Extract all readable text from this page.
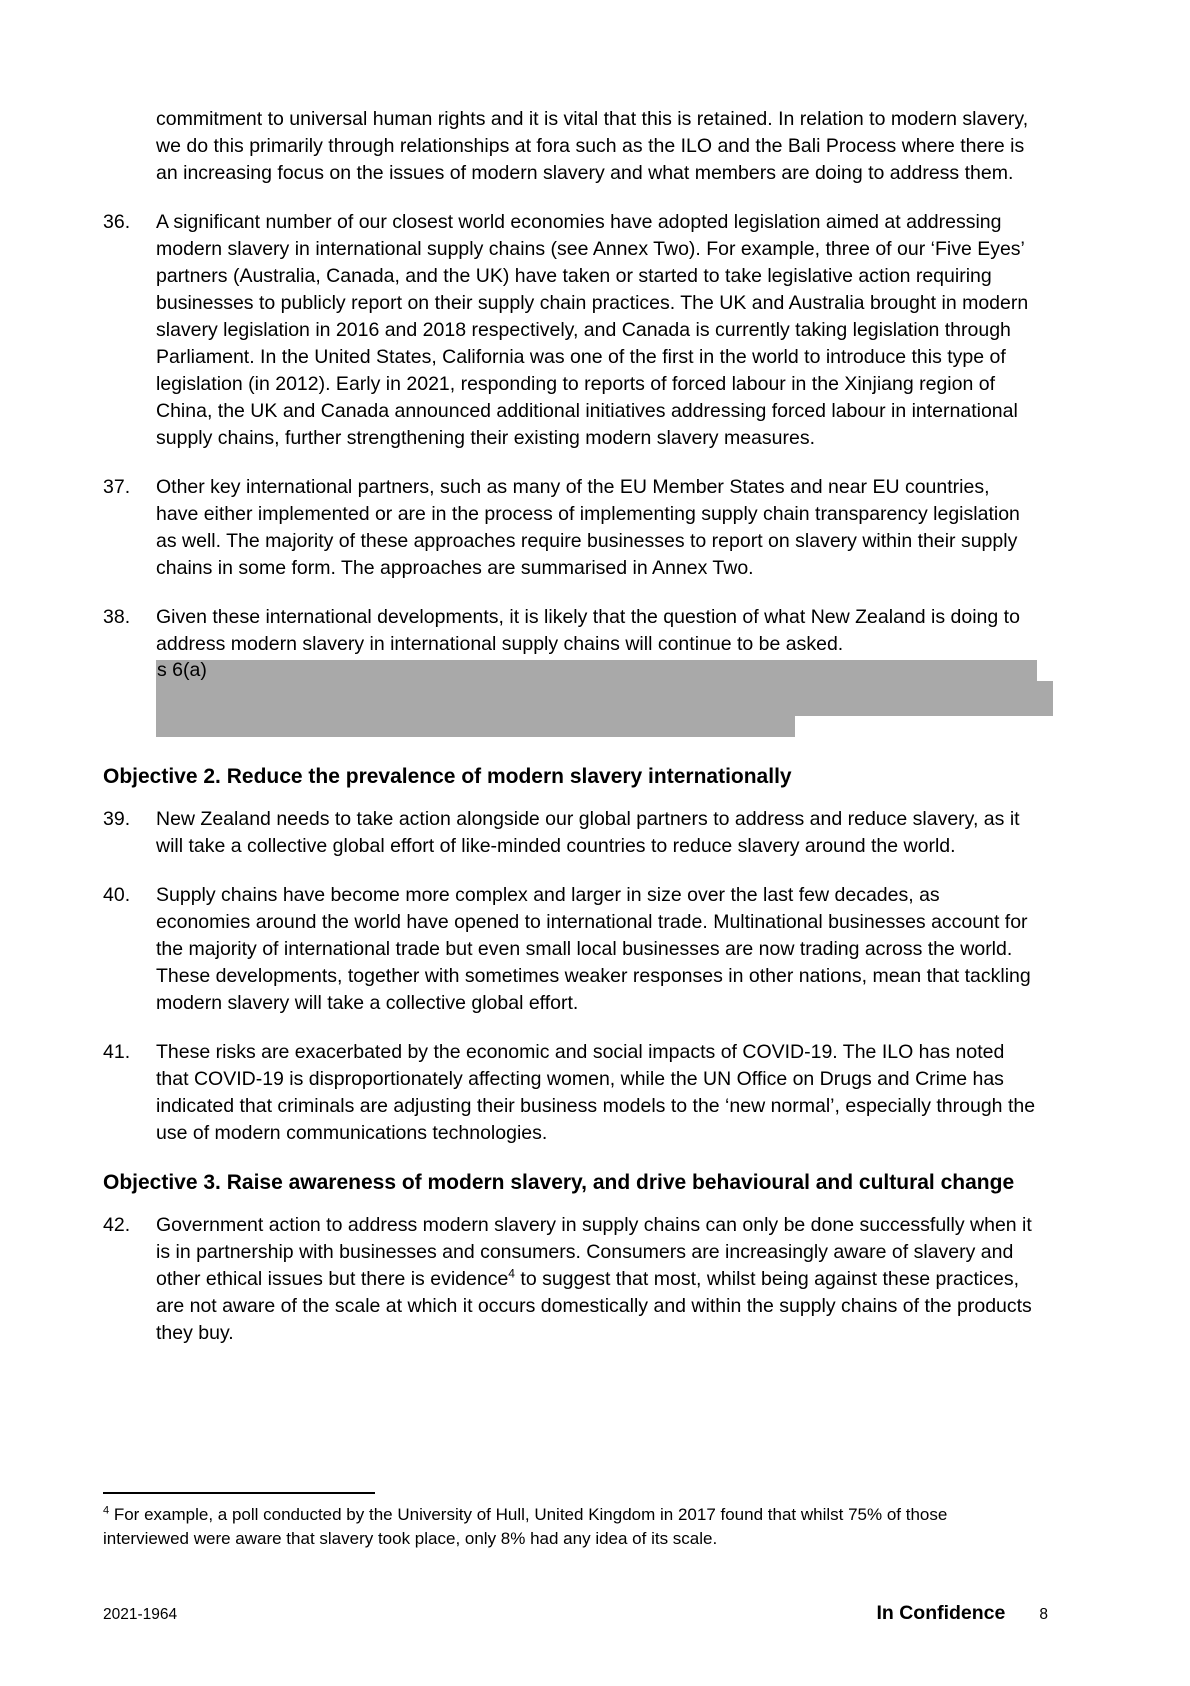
commitment to universal human rights and it is vital that this is retained. In relation to modern slavery, we do this primarily through relationships at fora such as the ILO and the Bali Process where there is an increasing focus on the issues of modern slavery and what members are doing to address them.

36.	A significant number of our closest world economies have adopted legislation aimed at addressing modern slavery in international supply chains (see Annex Two). For example, three of our ‘Five Eyes’ partners (Australia, Canada, and the UK) have taken or started to take legislative action requiring businesses to publicly report on their supply chain practices. The UK and Australia brought in modern slavery legislation in 2016 and 2018 respectively, and Canada is currently taking legislation through Parliament. In the United States, California was one of the first in the world to introduce this type of legislation (in 2012). Early in 2021, responding to reports of forced labour in the Xinjiang region of China, the UK and Canada announced additional initiatives addressing forced labour in international supply chains, further strengthening their existing modern slavery measures.
37.	Other key international partners, such as many of the EU Member States and near EU countries, have either implemented or are in the process of implementing supply chain transparency legislation as well. The majority of these approaches require businesses to report on slavery within their supply chains in some form. The approaches are summarised in Annex Two.
38.	Given these international developments, it is likely that the question of what New Zealand is doing to address modern slavery in international supply chains will continue to be asked.
s 6(a)
Objective 2. Reduce the prevalence of modern slavery internationally
39.	New Zealand needs to take action alongside our global partners to address and reduce slavery, as it will take a collective global effort of like-minded countries to reduce slavery around the world.
40.	Supply chains have become more complex and larger in size over the last few decades, as economies around the world have opened to international trade. Multinational businesses account for the majority of international trade but even small local businesses are now trading across the world. These developments, together with sometimes weaker responses in other nations, mean that tackling modern slavery will take a collective global effort.
41.	These risks are exacerbated by the economic and social impacts of COVID-19. The ILO has noted that COVID-19 is disproportionately affecting women, while the UN Office on Drugs and Crime has indicated that criminals are adjusting their business models to the ‘new normal’, especially through the use of modern communications technologies.
Objective 3. Raise awareness of modern slavery, and drive behavioural and cultural change
42.	Government action to address modern slavery in supply chains can only be done successfully when it is in partnership with businesses and consumers. Consumers are increasingly aware of slavery and other ethical issues but there is evidence$^4$ to suggest that most, whilst being against these practices, are not aware of the scale at which it occurs domestically and within the supply chains of the products they buy.
$^4$ For example, a poll conducted by the University of Hull, United Kingdom in 2017 found that whilst 75% of those interviewed were aware that slavery took place, only 8% had any idea of its scale.
2021-1964	In Confidence 8
